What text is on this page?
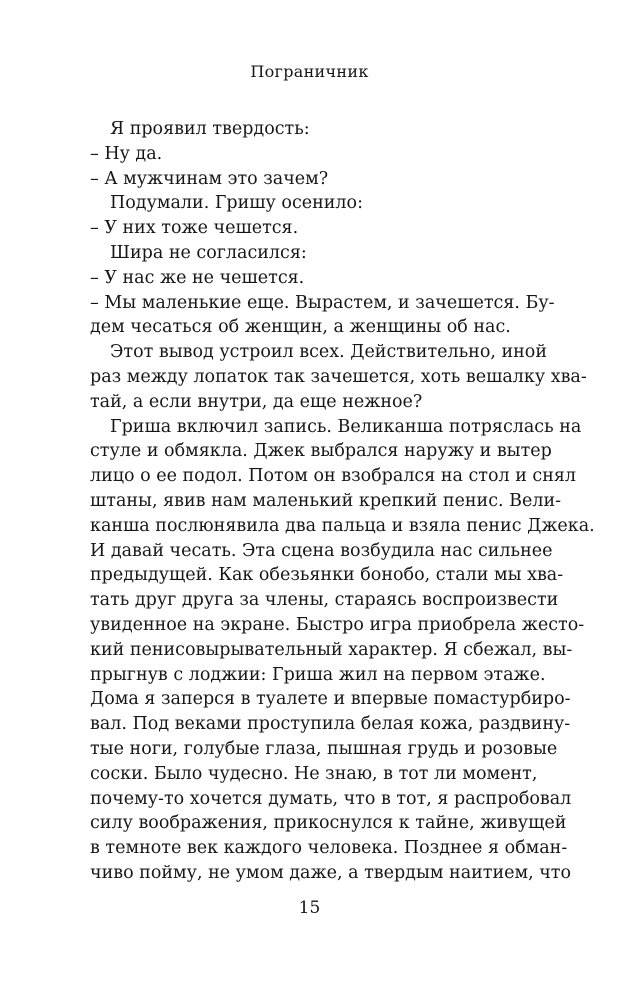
Пограничник
Я проявил твердость:
– Ну да.
– А мужчинам это зачем?
Подумали. Гришу осенило:
– У них тоже чешется.
Шира не согласился:
– У нас же не чешется.
– Мы маленькие еще. Вырастем, и зачешется. Бу-
дем чесаться об женщин, а женщины об нас.
Этот вывод устроил всех. Действительно, иной
раз между лопаток так зачешется, хоть вешалку хва-
тай, а если внутри, да еще нежное?
Гриша включил запись. Великанша потряслась на
стуле и обмякла. Джек выбрался наружу и вытер
лицо о ее подол. Потом он взобрался на стол и снял
штаны, явив нам маленький крепкий пенис. Вели-
канша послюнявила два пальца и взяла пенис Джека.
И давай чесать. Эта сцена возбудила нас сильнее
предыдущей. Как обезьянки бонобо, стали мы хва-
тать друг друга за члены, стараясь воспроизвести
увиденное на экране. Быстро игра приобрела жесто-
кий пенисовырывательный характер. Я сбежал, вы-
прыгнув с лоджии: Гриша жил на первом этаже.
Дома я заперся в туалете и впервые помастурбиро-
вал. Под веками проступила белая кожа, раздвину-
тые ноги, голубые глаза, пышная грудь и розовые
соски. Было чудесно. Не знаю, в тот ли момент,
почему-то хочется думать, что в тот, я распробовал
силу воображения, прикоснулся к тайне, живущей
в темноте век каждого человека. Позднее я обман-
чиво пойму, не умом даже, а твердым наитием, что
15
